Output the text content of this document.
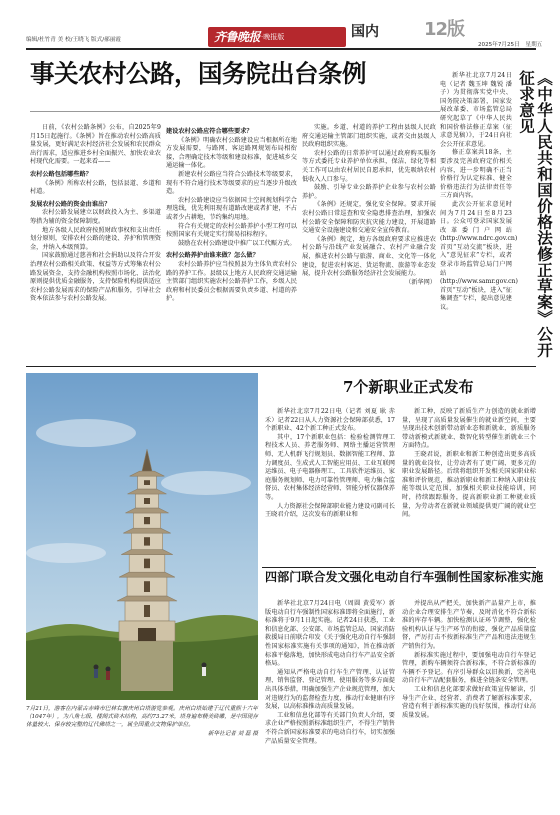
编辑/杜竹青 美 校/王晓飞 版式/郝丽霞	齐鲁晚报 ·晚报版	国内	12版
2025年7月25日 星期五
事关农村公路，国务院出台条例

日前，《农村公路条例》公布，自2025年9月15日起施行。《条例》旨在推动农村公路高质量发展，更好满足农村经济社会发展和农民群众出行需求，适应推进乡村全面振兴、加快农业农村现代化需要。一起来看——

农村公路包括哪些路？

《条例》所称农村公路，包括县道、乡道和村道。

发展农村公路的资金由谁出？

农村公路发展建立以财政投入为主、多渠道筹措为辅的资金保障制度。

地方各级人民政府按照财政事权和支出责任划分原则，安排农村公路的建设、养护和管理资金，并纳入本级预算。

国家鼓励通过慈善和社会捐助以及符合开发治理农村公路相关政策、权益等方式筹集农村公路发展资金，支持金融机构按照市场化、法治化原则提供优质金融服务，支持保险机构提供适应农村公路发展需求的保险产品和服务，引导社会资本依法参与农村公路发展。

建设农村公路应符合哪些要求？

《条例》明确农村公路建设应当根据所在地方发展需要，与路网、客运路网规划布局相衔接，合理确定技术等级和建设标准，促进城乡交通运输一体化。

新建农村公路应当符合公路技术等级要求，现有不符合通行技术等级要求的应当逐步升级改造。

农村公路建设应当依据国土空间规划科学合理选线，优先利用现有道路改建或者扩建，不占或者少占耕地，节约集约用地。

符合有关规定的农村公路养护小型工程可以按照国家有关规定实行简易招标程序。

鼓励在农村公路建设中推广以工代赈方式。

农村公路养护由谁来做？怎么做？

农村公路养护应当按照县为主体负责农村公路的养护工作。县级以上地方人民政府交通运输主管部门组织实施农村公路养护工作，乡级人民政府和村民委员会根据需要负责乡道、村道的养护。

实施。乡道、村道的养护工程由县级人民政府交通运输主管部门组织实施，或者交由县级人民政府组织实施。

农村公路的日常养护可以通过政府购买服务等方式委托专业养护单位承担，保洁、绿化等相关工作可以由农村居民自愿承担，优先吸纳农村低收入人口参与。

鼓励、引导专业公路养护企业参与农村公路养护。

《条例》还规定，强化安全保障。要求开展农村公路日常巡查和安全隐患排查治理，加强农村公路安全保障和防灾抗灾能力建设，开展道路交通安全设施建设和交通安全宣传教育。

《条例》规定，地方各级政府要求应推进农村公路与沿线产业发展融合、农村产业融合发展，推进农村公路与旅游、商业、文化等一体化建设，促进农村客运、货运物流、旅游等业态发展，提升农村公路服务经济社会发展能力。

（新华网）	《中华人民共和国价格法修正草案》公开征求意见

新华社北京7月24日电（记者 魏玉坤 魏锐 潘子）为贯彻落实党中央、国务院决策部署，国家发展改革委、市场监管总局研究起草了《中华人民共和国价格法修正草案（征求意见稿）》，于24日向社会公开征求意见。

修正草案共18条，主要涉及完善政府定价相关内容，进一步明确不正当价格行为认定标准、健全价格违法行为法律责任等三方面内容。

此次公开征求意见时间为7月24日至8月23日。公众可登录国家发展改革委门户网站(http://www.ndrc.gov.cn)首页“互动交流”板块，进入“意见征求”专栏，或者登录市场监管总局门户网站(http://www.samr.gov.cn)首页“互动”板块，进入“征集调查”专栏，提出意见建议。

7月21日，游客在内蒙古赤峰市巴林右旗庆州白塔游览参观。庆州白塔始建于辽代重熙十六年（1047年），为八角七级、楼阁式砖木结构，高约73.27米，塔身遍布精美砖雕，是中国现存体量较大、保存较完整的辽代佛塔之一，属全国重点文物保护单位。
新华社记者 刘 磊 摄
7个新职业正式发布

新华社北京7月22日电（记者 刘夏 耿 赤 禾）记者22日从人力资源社会保障部获悉，17个新职业、42个新工种正式发布。

其中，17个新职业包括：检验检测管理工程技术人员、养老服务师、网络主播运营管理师、无人机群飞行规划员、数据智能工程师、算力调度员、生成式人工智能应用员、工业互联网运维员、电子电器修理工、工具软件运维员、家庭服务规划师、电力可靠性管理师、电力集合监督员、农村集体经济经营师、智能分析仪器保养等。

人力资源社会保障部职业能力建设司副司长王晓君介绍，这次发布的新职业和

新工种，反映了新质生产力创造的就业新增量，呈现了高质量发展催生的就业新空间，主要呈现出技术创新带动新业态和新就业、新质服务带动新模式新就业、数智化转型催生新就业三个方面特点。

王晓君说，新职业和新工种创造出更多高质量的就业岗位，让劳动者有了更广阔、更多元的职业发展路径。后续将组织开发相关国家职业标准和评价规范，推动新职业和新工种纳入职业技能等级认定范围，加强相关职业技能培训，同时，持续跟踪服务，提高新职业新工种就业质量，为劳动者在新就业领域提供更广阔的就业空间。

四部门联合发文强化电动自行车强制性国家标准实施

新华社北京7月24日电（周圆 黄爱军）新版电动自行车强制性国家标准即将全面施行，新标准将于9月1日起实施。记者24日获悉，工业和信息化部、公安部、市场监管总局、国家消防救援局日前联合印发《关于强化电动自行车强制性国家标准实施有关事项的通知》，旨在推动新标准平稳落地，加快形成电动自行车产品安全新格局。

通知从严格电动自行车生产管理、认证管理、销售监督、登记管理、使用服务等多方面提出具体举措，明确加强生产企业规范管理，加大对违规行为的监督检查力度，推动行业健康有序发展，以高标准推动高质量发展。

工业和信息化部等有关部门负责人介绍，要求企业严格按照新标准组织生产，不得生产销售不符合新国家标准要求的电动自行车，切实加强产品质量安全管理。

并提出从严把关，加快新产品量产上市，推动企业合理安排生产节奏，及时消化不符合新标准的库存车辆。加快检测认证环节调整，强化检验机构认证与生产环节的衔接，强化产品质量监督，严厉打击不按新标准生产产品和违法违规生产销售行为。

新标准实施过程中，要加强电动自行车登记管理，新购车辆须符合新标准，不符合新标准的车辆不予登记。有序引导群众以旧换新，完善电动自行车产品配套服务，推进全链条安全管理。

工业和信息化部要求做好政策宣传解读，引导生产企业、经营者、消费者了解新标准要求，营造有利于新标准实施的良好氛围，推动行业高质量发展。
